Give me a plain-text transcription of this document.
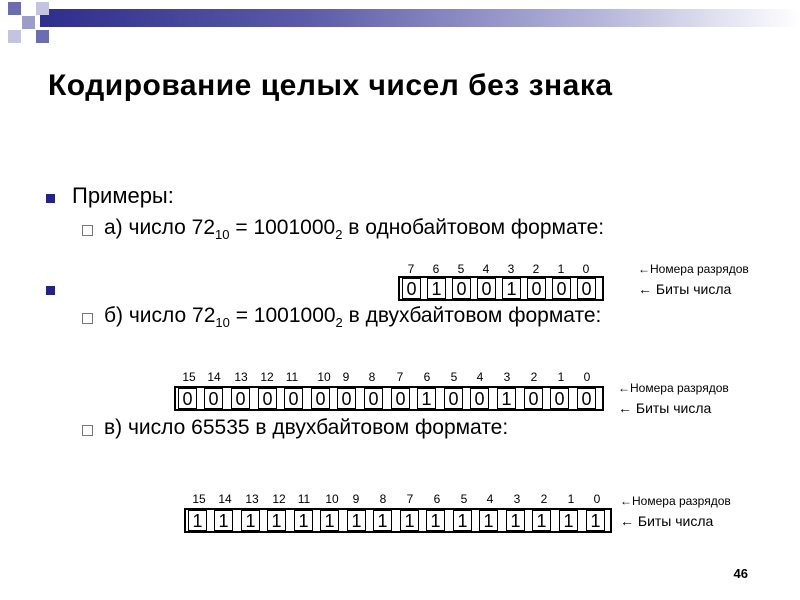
Кодирование целых чисел без знака
Примеры:
а) число $72_{10} = 1001000_2$ в однобайтовом формате:
7	6	5	4	3	2	1	0
0 1 0 0 1 0 0 0
←Номера разрядов
← Биты числа
б) число $72_{10} = 1001000_2$ в двухбайтовом формате:
15 14 13 12 11 10 9	8	7	6	5	4	3	2	1	0
0 0 0 0 0 0 0 0 0 1 0 0 1 0 0 0
←Номера разрядов
← Биты числа
в) число 65535 в двухбайтовом формате:
15 14 13 12 11 10	9	8	7	6	5	4	3	2	1	0
1 1 1 1 1 1 1 1 1 1 1 1 1 1 1 1
←Номера разрядов
← Биты числа
46
